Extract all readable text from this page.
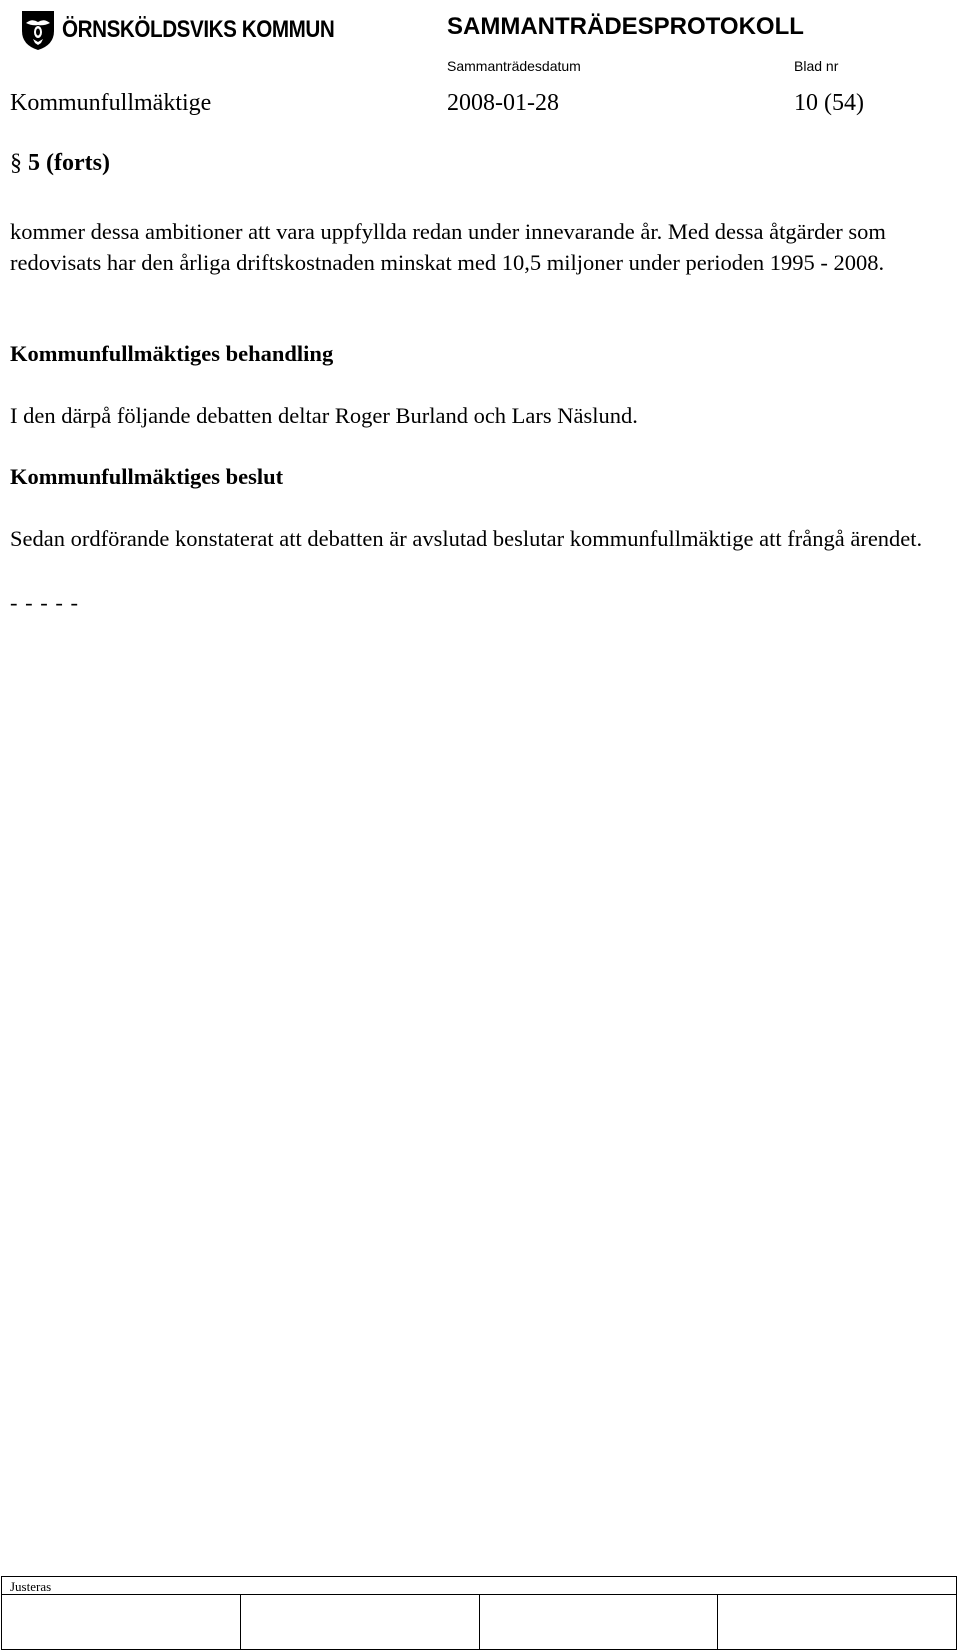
ÖRNSKÖLDSVIKS KOMMUN	SAMMANTRÄDESPROTOKOLL
Sammanträdesdatum	Blad nr
Kommunfullmäktige	2008-01-28	10 (54)
§ 5 (forts)
kommer dessa ambitioner att vara uppfyllda redan under innevarande år. Med dessa åtgärder som redovisats har den årliga driftskostnaden minskat med 10,5 miljoner under perioden 1995 - 2008.
Kommunfullmäktiges behandling
I den därpå följande debatten deltar Roger Burland och Lars Näslund.
Kommunfullmäktiges beslut
Sedan ordförande konstaterat att debatten är avslutad beslutar kommunfullmäktige att frångå ärendet.
- - - - -
Justeras
